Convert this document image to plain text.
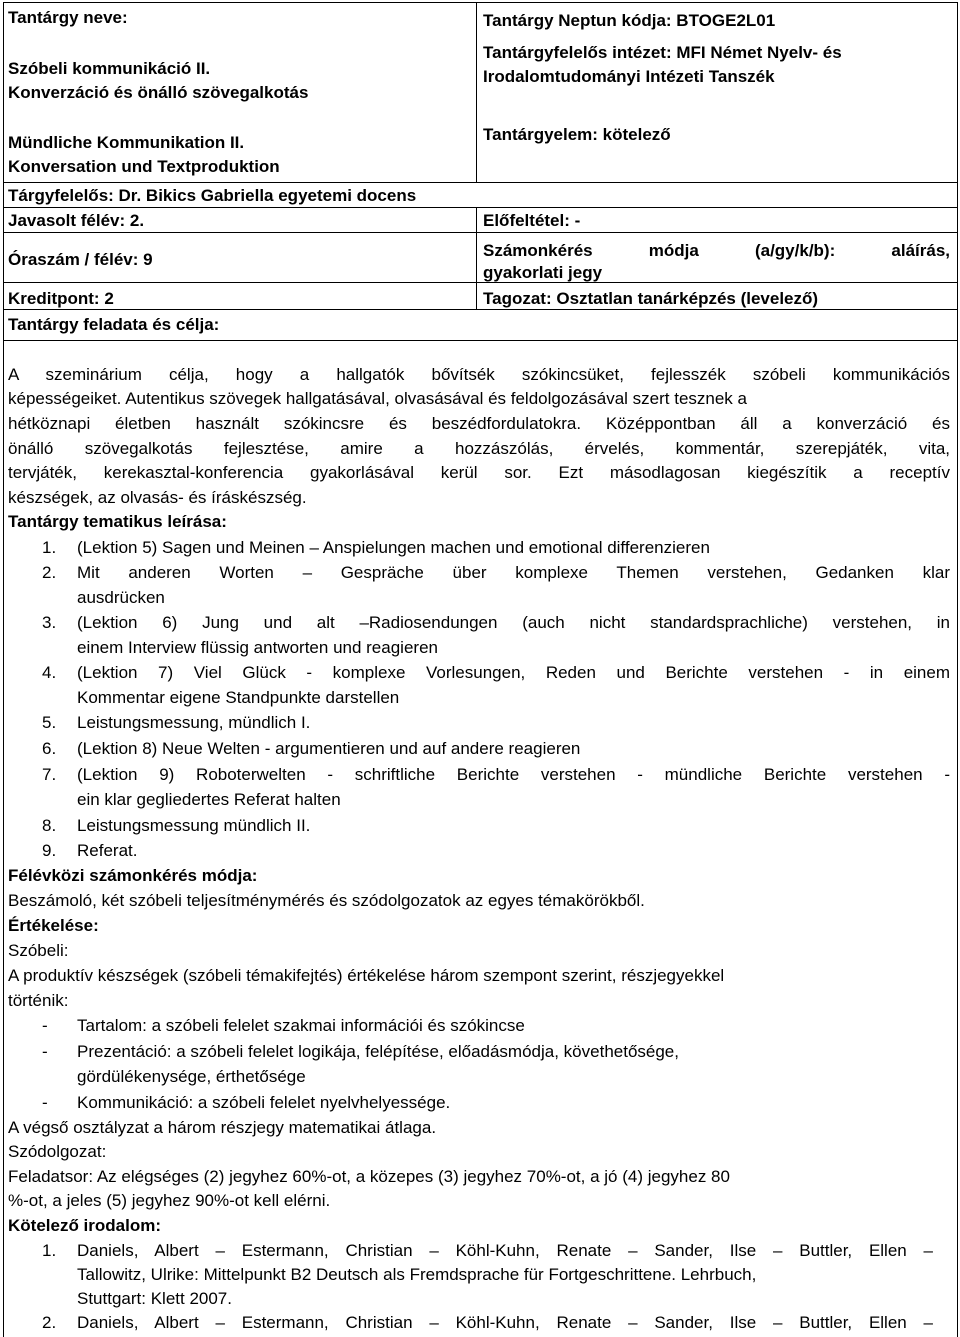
Tantárgy neve:
Szóbeli kommunikáció II.
Konverzáció és önálló szövegalkotás
Mündliche Kommunikation II.
Konversation und Textproduktion
Tantárgy Neptun kódja: BTOGE2L01
Tantárgyfelelős intézet: MFI Német Nyelv- és
Irodalomtudományi Intézeti Tanszék
Tantárgyelem: kötelező
Tárgyfelelős: Dr. Bikics Gabriella egyetemi docens
Javasolt félév: 2.	Előfeltétel: -
Óraszám / félév: 9	Számonkérés módja (a/gy/k/b): aláírás,
gyakorlati jegy
Kreditpont: 2	Tagozat: Osztatlan tanárképzés (levelező)
Tantárgy feladata és célja:
A szeminárium célja, hogy a hallgatók bővítsék szókincsüket, fejlesszék szóbeli kommunikációs
képességeiket. Autentikus szövegek hallgatásával, olvasásával és feldolgozásával szert tesznek a
hétköznapi életben használt szókincsre és beszédfordulatokra. Középpontban áll a konverzáció és
önálló szövegalkotás fejlesztése, amire a hozzászólás, érvelés, kommentár, szerepjáték, vita,
tervjáték, kerekasztal-konferencia gyakorlásával kerül sor. Ezt másodlagosan kiegészítik a receptív
készségek, az olvasás- és íráskészség.
Tantárgy tematikus leírása:
1. (Lektion 5) Sagen und Meinen – Anspielungen machen und emotional differenzieren
2. Mit anderen Worten – Gespräche über komplexe Themen verstehen, Gedanken klar
ausdrücken
3. (Lektion 6) Jung und alt –Radiosendungen (auch nicht standardsprachliche) verstehen, in
einem Interview flüssig antworten und reagieren
4. (Lektion 7) Viel Glück - komplexe Vorlesungen, Reden und Berichte verstehen - in einem
Kommentar eigene Standpunkte darstellen
5. Leistungsmessung, mündlich I.
6. (Lektion 8) Neue Welten - argumentieren und auf andere reagieren
7. (Lektion 9) Roboterwelten - schriftliche Berichte verstehen - mündliche Berichte verstehen -
ein klar gegliedertes Referat halten
8. Leistungsmessung mündlich II.
9. Referat.
Félévközi számonkérés módja:
Beszámoló, két szóbeli teljesítménymérés és szódolgozatok az egyes témakörökből.
Értékelése:
Szóbeli:
A produktív készségek (szóbeli témakifejtés) értékelése három szempont szerint, részjegyekkel
történik:
- Tartalom: a szóbeli felelet szakmai információi és szókincse
- Prezentáció: a szóbeli felelet logikája, felépítése, előadásmódja, követhetősége,
gördülékenysége, érthetősége
- Kommunikáció: a szóbeli felelet nyelvhelyessége.
A végső osztályzat a három részjegy matematikai átlaga.
Szódolgozat:
Feladatsor: Az elégséges (2) jegyhez 60%-ot, a közepes (3) jegyhez 70%-ot, a jó (4) jegyhez 80
%-ot, a jeles (5) jegyhez 90%-ot kell elérni.
Kötelező irodalom:
1. Daniels, Albert – Estermann, Christian – Köhl-Kuhn, Renate – Sander, Ilse – Buttler, Ellen –
Tallowitz, Ulrike: Mittelpunkt B2 Deutsch als Fremdsprache für Fortgeschrittene. Lehrbuch,
Stuttgart: Klett 2007.
2. Daniels, Albert – Estermann, Christian – Köhl-Kuhn, Renate – Sander, Ilse – Buttler, Ellen –
